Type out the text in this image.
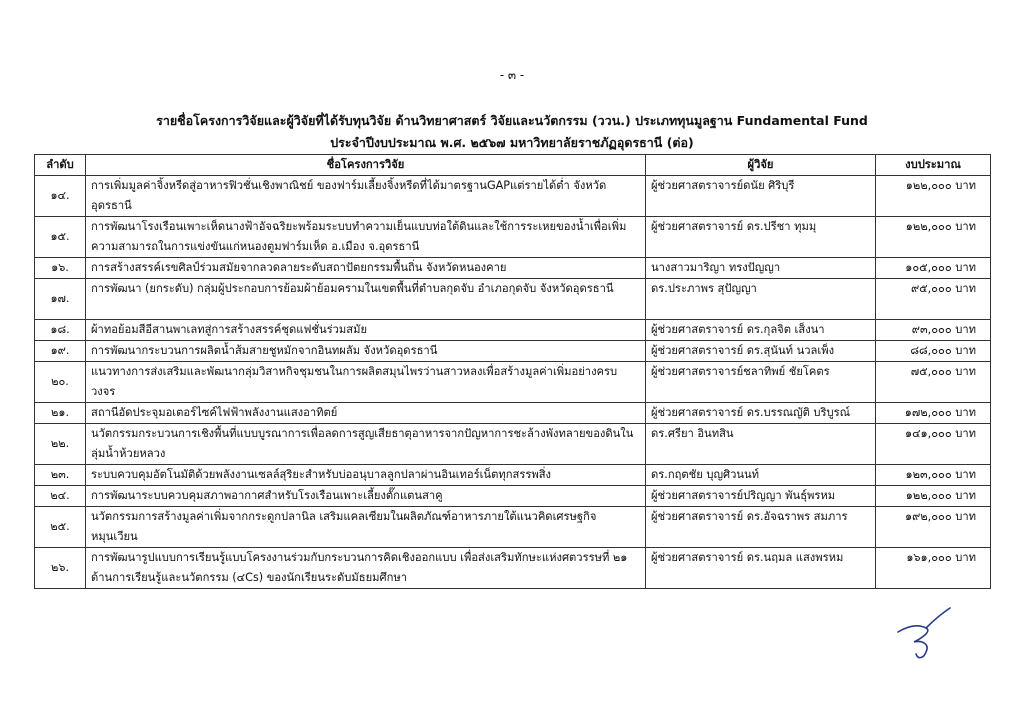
- ๓ -
รายชื่อโครงการวิจัยและผู้วิจัยที่ได้รับทุนวิจัย ด้านวิทยาศาสตร์ วิจัยและนวัตกรรม (ววน.) ประเภททุนมูลฐาน Fundamental Fund
ประจำปีงบประมาณ พ.ศ. ๒๕๖๗ มหาวิทยาลัยราชภัฏอุดรธานี (ต่อ)
ลำดับ	ชื่อโครงการวิจัย	ผู้วิจัย	งบประมาณ
๑๔.	การเพิ่มมูลค่าจิ้งหรีดสู่อาหารฟิวชั่นเชิงพาณิชย์ ของฟาร์มเลี้ยงจิ้งหรีดที่ได้มาตรฐานGAPแต่รายได้ต่ำ จังหวัดอุดรธานี	ผู้ช่วยศาสตราจารย์ดนัย ศิริบุรี	๑๒๒,๐๐๐ บาท
๑๕.	การพัฒนาโรงเรือนเพาะเห็ดนางฟ้าอัจฉริยะพร้อมระบบทำความเย็นแบบท่อใต้ดินและใช้การระเหยของน้ำเพื่อเพิ่มความสามารถในการแข่งขันแก่หนองตูมฟาร์มเห็ด อ.เมือง จ.อุดรธานี	ผู้ช่วยศาสตราจารย์ ดร.ปรีชา ทุมมุ	๑๒๒,๐๐๐ บาท
๑๖.	การสร้างสรรค์เรขศิลป์ร่วมสมัยจากลวดลายระดับสถาปัตยกรรมพื้นถิ่น จังหวัดหนองคาย	นางสาวมาริญา ทรงปัญญา	๑๐๕,๐๐๐ บาท
๑๗.	การพัฒนา (ยกระดับ) กลุ่มผู้ประกอบการย้อมผ้าย้อมครามในเขตพื้นที่ตำบลกุดจับ อำเภอกุดจับ จังหวัดอุดรธานี	ดร.ประภาพร สุปัญญา	๙๕,๐๐๐ บาท
๑๘.	ผ้าทอย้อมสีอีสานพาเลทสู่การสร้างสรรค์ชุดแฟชั่นร่วมสมัย	ผู้ช่วยศาสตราจารย์ ดร.กุลจิต เส็งนา	๙๓,๐๐๐ บาท
๑๙.	การพัฒนากระบวนการผลิตน้ำส้มสายชูหมักจากอินทผลัม จังหวัดอุดรธานี	ผู้ช่วยศาสตราจารย์ ดร.สุนันท์ นวลเพ็ง	๘๘,๐๐๐ บาท
๒๐.	แนวทางการส่งเสริมและพัฒนากลุ่มวิสาหกิจชุมชนในการผลิตสมุนไพรว่านสาวหลงเพื่อสร้างมูลค่าเพิ่มอย่างครบวงจร	ผู้ช่วยศาสตราจารย์ชลาทิพย์ ชัยโคตร	๗๕,๐๐๐ บาท
๒๑.	สถานีอัดประจุมอเตอร์ไซค์ไฟฟ้าพลังงานแสงอาทิตย์	ผู้ช่วยศาสตราจารย์ ดร.บรรณญัติ บริบูรณ์	๑๗๒,๐๐๐ บาท
๒๒.	นวัตกรรมกระบวนการเชิงพื้นที่แบบบูรณาการเพื่อลดการสูญเสียธาตุอาหารจากปัญหาการชะล้างพังทลายของดินในลุ่มน้ำห้วยหลวง	ดร.ศรียา อินทสิน	๑๔๑,๐๐๐ บาท
๒๓.	ระบบควบคุมอัตโนมัติด้วยพลังงานเซลล์สุริยะสำหรับบ่ออนุบาลลูกปลาผ่านอินเทอร์เน็ตทุกสรรพสิ่ง	ดร.กฤตชัย บุญศิวนนท์	๑๒๓,๐๐๐ บาท
๒๔.	การพัฒนาระบบควบคุมสภาพอากาศสำหรับโรงเรือนเพาะเลี้ยงตั๊กแตนสาคู	ผู้ช่วยศาสตราจารย์ปริญญา พันธุ์พรหม	๑๒๒,๐๐๐ บาท
๒๕.	นวัตกรรมการสร้างมูลค่าเพิ่มจากกระดูกปลานิล เสริมแคลเซียมในผลิตภัณฑ์อาหารภายใต้แนวคิดเศรษฐกิจหมุนเวียน	ผู้ช่วยศาสตราจารย์ ดร.อัจฉราพร สมภาร	๑๙๒,๐๐๐ บาท
๒๖.	การพัฒนารูปแบบการเรียนรู้แบบโครงงานร่วมกับกระบวนการคิดเชิงออกแบบ เพื่อส่งเสริมทักษะแห่งศตวรรษที่ ๒๑ ด้านการเรียนรู้และนวัตกรรม (๔Cs) ของนักเรียนระดับมัธยมศึกษา	ผู้ช่วยศาสตราจารย์ ดร.นฤมล แสงพรหม	๑๖๑,๐๐๐ บาท
